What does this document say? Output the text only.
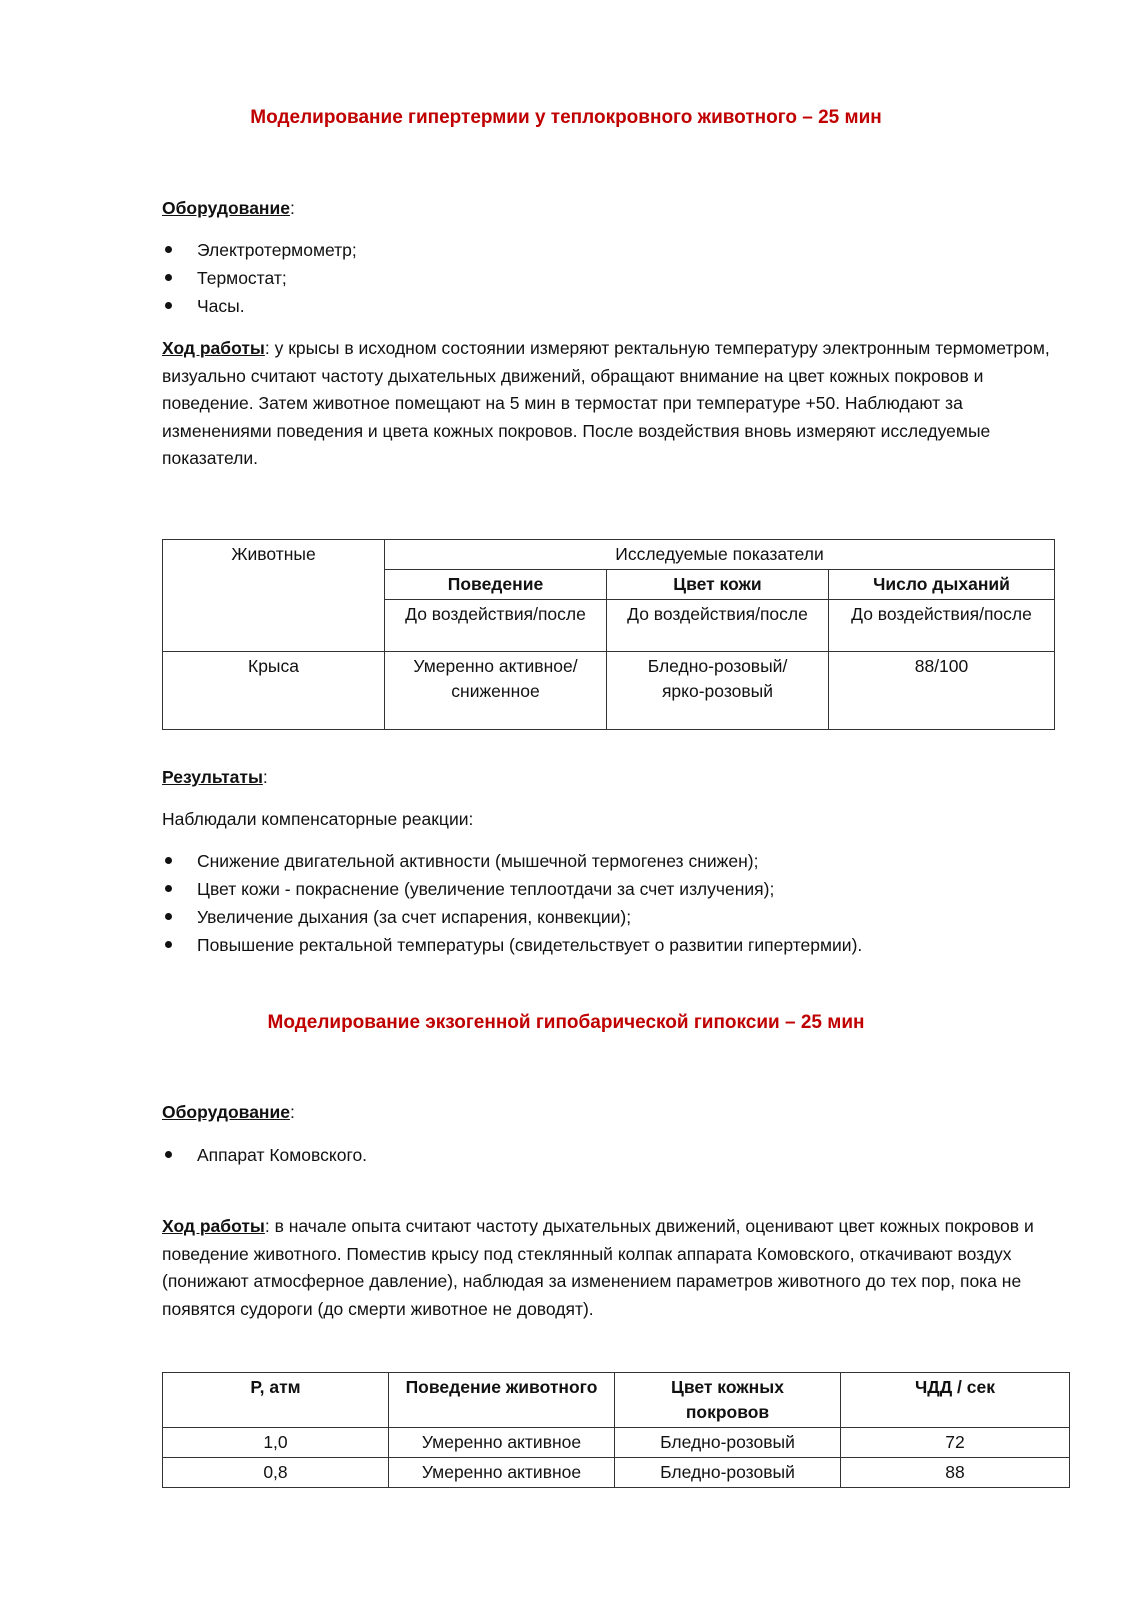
Моделирование гипертермии у теплокровного животного – 25 мин
Оборудование:
Электротермометр;
Термостат;
Часы.
Ход работы: у крысы в исходном состоянии измеряют ректальную температуру электронным термометром, визуально считают частоту дыхательных движений, обращают внимание на цвет кожных покровов и поведение. Затем животное помещают на 5 мин в термостат при температуре +50. Наблюдают за изменениями поведения и цвета кожных покровов. После воздействия вновь измеряют исследуемые показатели.
Животные	Исследуемые показатели		
	Поведение	Цвет кожи	Число дыханий
	До воздействия/после	До воздействия/после	До воздействия/после
Крыса	Умеренно активное/сниженное	Бледно-розовый/ярко-розовый	88/100
Результаты:
Наблюдали компенсаторные реакции:
Снижение двигательной активности (мышечной термогенез снижен);
Цвет кожи - покраснение (увеличение теплоотдачи за счет излучения);
Увеличение дыхания (за счет испарения, конвекции);
Повышение ректальной температуры (свидетельствует о развитии гипертермии).
Моделирование экзогенной гипобарической гипоксии – 25 мин
Оборудование:
Аппарат Комовского.
Ход работы: в начале опыта считают частоту дыхательных движений, оценивают цвет кожных покровов и поведение животного. Поместив крысу под стеклянный колпак аппарата Комовского, откачивают воздух (понижают атмосферное давление), наблюдая за изменением параметров животного до тех пор, пока не появятся судороги (до смерти животное не доводят).
Р, атм	Поведение животного	Цвет кожных покровов	ЧДД / сек
1,0	Умеренно активное	Бледно-розовый	72
0,8	Умеренно активное	Бледно-розовый	88
